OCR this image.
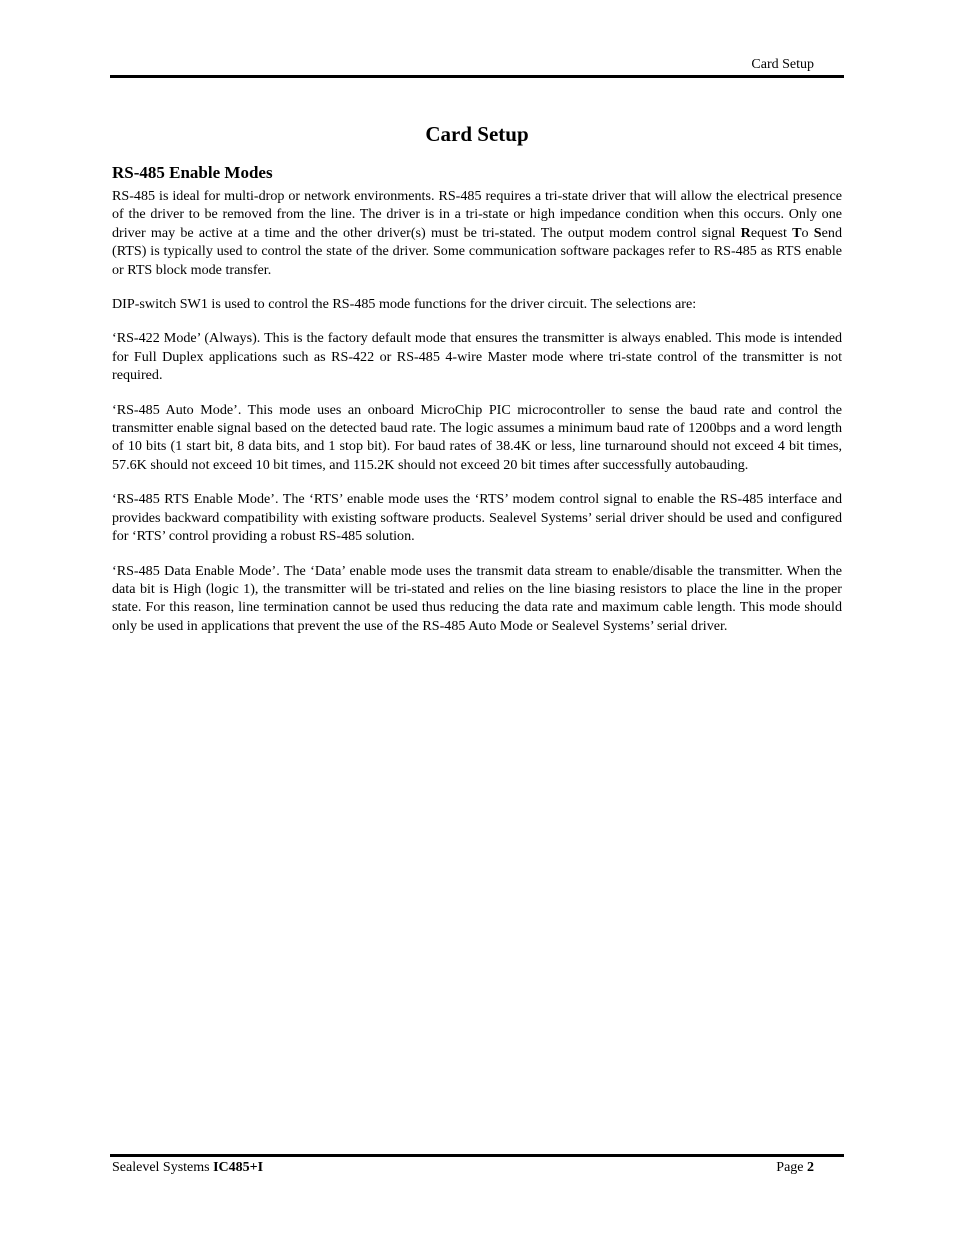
Card Setup
Card Setup
RS-485 Enable Modes

RS-485 is ideal for multi-drop or network environments. RS-485 requires a tri-state driver that will allow the electrical presence of the driver to be removed from the line. The driver is in a tri-state or high impedance condition when this occurs. Only one driver may be active at a time and the other driver(s) must be tri-stated. The output modem control signal Request To Send (RTS) is typically used to control the state of the driver. Some communication software packages refer to RS-485 as RTS enable or RTS block mode transfer.

DIP-switch SW1 is used to control the RS-485 mode functions for the driver circuit. The selections are:

‘RS-422 Mode’ (Always). This is the factory default mode that ensures the transmitter is always enabled. This mode is intended for Full Duplex applications such as RS-422 or RS-485 4-wire Master mode where tri-state control of the transmitter is not required.

‘RS-485 Auto Mode’. This mode uses an onboard MicroChip PIC microcontroller to sense the baud rate and control the transmitter enable signal based on the detected baud rate. The logic assumes a minimum baud rate of 1200bps and a word length of 10 bits (1 start bit, 8 data bits, and 1 stop bit). For baud rates of 38.4K or less, line turnaround should not exceed 4 bit times, 57.6K should not exceed 10 bit times, and 115.2K should not exceed 20 bit times after successfully autobauding.

‘RS-485 RTS Enable Mode’. The ‘RTS’ enable mode uses the ‘RTS’ modem control signal to enable the RS-485 interface and provides backward compatibility with existing software products. Sealevel Systems’ serial driver should be used and configured for ‘RTS’ control providing a robust RS-485 solution.

‘RS-485 Data Enable Mode’. The ‘Data’ enable mode uses the transmit data stream to enable/disable the transmitter. When the data bit is High (logic 1), the transmitter will be tri-stated and relies on the line biasing resistors to place the line in the proper state. For this reason, line termination cannot be used thus reducing the data rate and maximum cable length. This mode should only be used in applications that prevent the use of the RS-485 Auto Mode or Sealevel Systems’ serial driver.

Sealevel Systems IC485+I	Page 2
